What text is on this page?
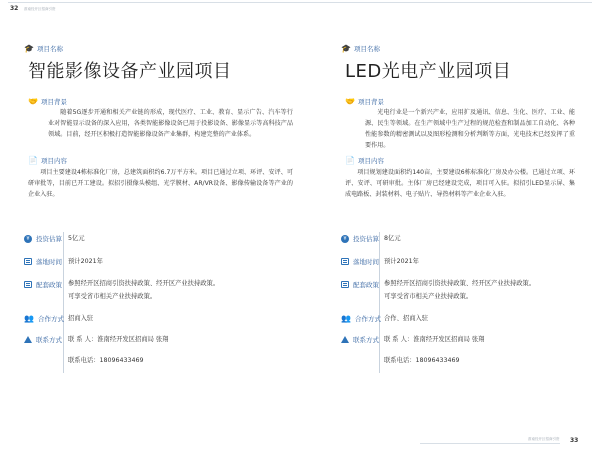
32 淮南经开区招商引资
🎓 项目名称
智能影像设备产业园项目
🤝 项目背景

随着5G逐步开通和相关产业链的形成，现代医疗、工业、教育、显示广告、汽车等行业对智能显示设备的深入应用，各类智能影像设备已用于投影设备、影像显示等高科技产品领域。目前，经开区积极打造智能影像设备产业集群，构建完整的产业体系。

📄 项目内容

项目主要建设4栋标准化厂房，总建筑面积约6.7万平方米。项目已通过立项、环评、安评、可研审批等，目前已开工建设。拟招引摄像头模组、光学膜材、AR/VR设备、影像传输设备等产业的企业入驻。

¥ 投资估算 5亿元
落地时间 预计2021年
配套政策 参照经开区招商引资扶持政策、经开区产业扶持政策。
可享受省市相关产业扶持政策。
👥 合作方式 招商入驻
联系方式 联 系 人：淮南经开发区招商局 张翔
联系电话：18096433469
🎓 项目名称
LED光电产业园项目
🤝 项目背景

光电行业是一个新兴产业，应用扩及通讯、信息、生化、医疗、工业、能源、民生等领域。在生产领域中生产过程的规范检查和制品加工自动化、各种性能参数的精密测试以及图形检测和分析判断等方面，光电技术已经发挥了重要作用。

📄 项目内容

项目规划建设面积约140亩，主要建设6栋标准化厂房及办公楼。已通过立项、环评、安评、可研审批。主体厂房已经建设完成，项目可入驻。拟招引LED显示屏、集成电路板、封装材料、电子贴片、导热材料等产业企业入驻。

¥ 投资估算 8亿元
落地时间 预计2021年
配套政策 参照经开区招商引资扶持政策、经开区产业扶持政策。
可享受省市相关产业扶持政策。
👥 合作方式 合作、招商入驻
联系方式 联 系 人：淮南经开发区招商局 张翔
联系电话：18096433469
淮南经开区招商引资 33
